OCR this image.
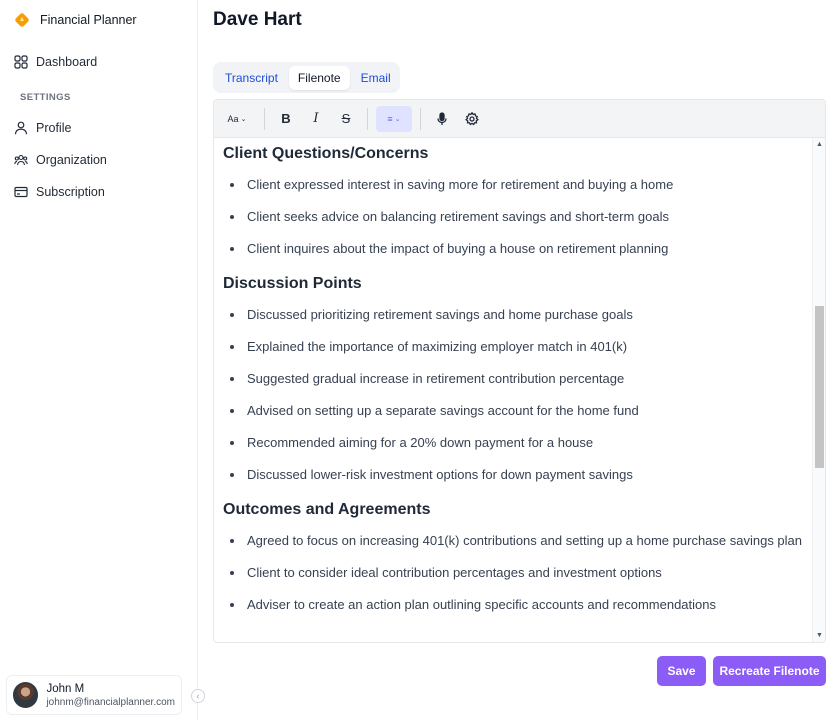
Financial Planner
Dashboard
SETTINGS
Profile
Organization
Subscription
John M
johnm@financialplanner.com
‹
Dave Hart
Transcript	Filenote	Email
Aa ⌄	B	I	S	≡ ⌄
Client Questions/Concerns
Client expressed interest in saving more for retirement and buying a home
Client seeks advice on balancing retirement savings and short-term goals
Client inquires about the impact of buying a house on retirement planning
Discussion Points
Discussed prioritizing retirement savings and home purchase goals
Explained the importance of maximizing employer match in 401(k)
Suggested gradual increase in retirement contribution percentage
Advised on setting up a separate savings account for the home fund
Recommended aiming for a 20% down payment for a house
Discussed lower-risk investment options for down payment savings
Outcomes and Agreements
Agreed to focus on increasing 401(k) contributions and setting up a home purchase savings plan
Client to consider ideal contribution percentages and investment options
Adviser to create an action plan outlining specific accounts and recommendations
▲
▼
Save	Recreate Filenote
